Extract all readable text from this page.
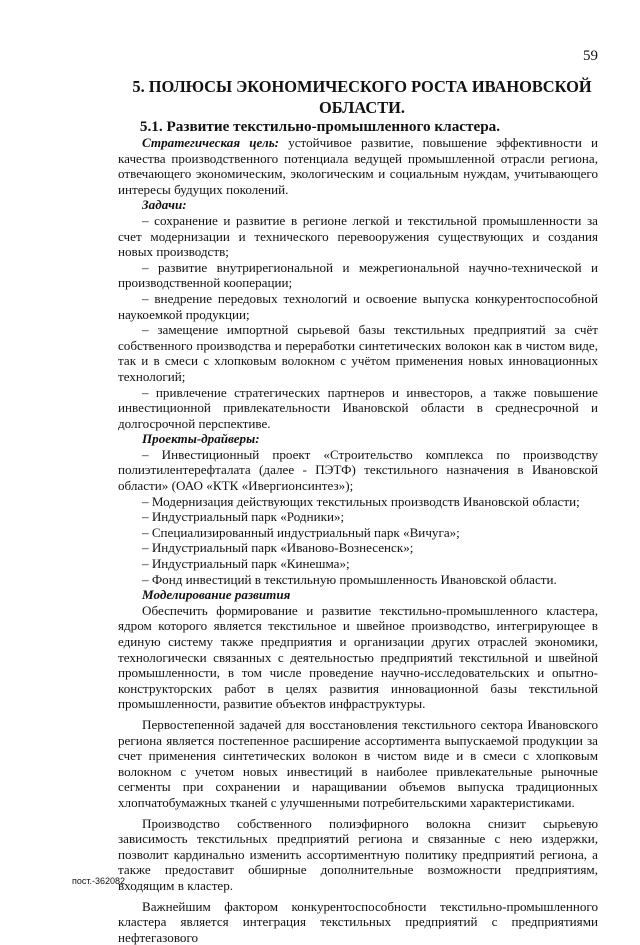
59
5. ПОЛЮСЫ ЭКОНОМИЧЕСКОГО РОСТА ИВАНОВСКОЙ ОБЛАСТИ.
5.1. Развитие текстильно-промышленного кластера.

Стратегическая цель: устойчивое развитие, повышение эффективности и качества производственного потенциала ведущей промышленной отрасли региона, отвечающего экономическим, экологическим и социальным нуждам, учитывающего интересы будущих поколений.

Задачи:

– сохранение и развитие в регионе легкой и текстильной промышленности за счет модернизации и технического перевооружения существующих и создания новых производств;

– развитие внутрирегиональной и межрегиональной научно-технической и производственной кооперации;

– внедрение передовых технологий и освоение выпуска конкурентоспособной наукоемкой продукции;

– замещение импортной сырьевой базы текстильных предприятий за счёт собственного производства и переработки синтетических волокон как в чистом виде, так и в смеси с хлопковым волокном с учётом применения новых инновационных технологий;

– привлечение стратегических партнеров и инвесторов, а также повышение инвестиционной привлекательности Ивановской области в среднесрочной и долгосрочной перспективе.

Проекты-драйверы:

– Инвестиционный проект «Строительство комплекса по производству полиэтилентерефталата (далее - ПЭТФ) текстильного назначения в Ивановской области» (ОАО «КТК «Ивергионсинтез»);

– Модернизация действующих текстильных производств Ивановской области;

– Индустриальный парк «Родники»;

– Специализированный индустриальный парк «Вичуга»;

– Индустриальный парк «Иваново-Вознесенск»;

– Индустриальный парк «Кинешма»;

– Фонд инвестиций в текстильную промышленность Ивановской области.

Моделирование развития

Обеспечить формирование и развитие текстильно-промышленного кластера, ядром которого является текстильное и швейное производство, интегрирующее в единую систему также предприятия и организации других отраслей экономики, технологически связанных с деятельностью предприятий текстильной и швейной промышленности, в том числе проведение научно-исследовательских и опытно-конструкторских работ в целях развития инновационной базы текстильной промышленности, развитие объектов инфраструктуры.

Первостепенной задачей для восстановления текстильного сектора Ивановского региона является постепенное расширение ассортимента выпускаемой продукции за счет применения синтетических волокон в чистом виде и в смеси с хлопковым волокном с учетом новых инвестиций в наиболее привлекательные рыночные сегменты при сохранении и наращивании объемов выпуска традиционных хлопчатобумажных тканей с улучшенными потребительскими характеристиками.

Производство собственного полиэфирного волокна снизит сырьевую зависимость текстильных предприятий региона и связанные с нею издержки, позволит кардинально изменить ассортиментную политику предприятий региона, а также предоставит обширные дополнительные возможности предприятиям, входящим в кластер.

Важнейшим фактором конкурентоспособности текстильно-промышленного кластера является интеграция текстильных предприятий с предприятиями нефтегазового

пост.-362082
